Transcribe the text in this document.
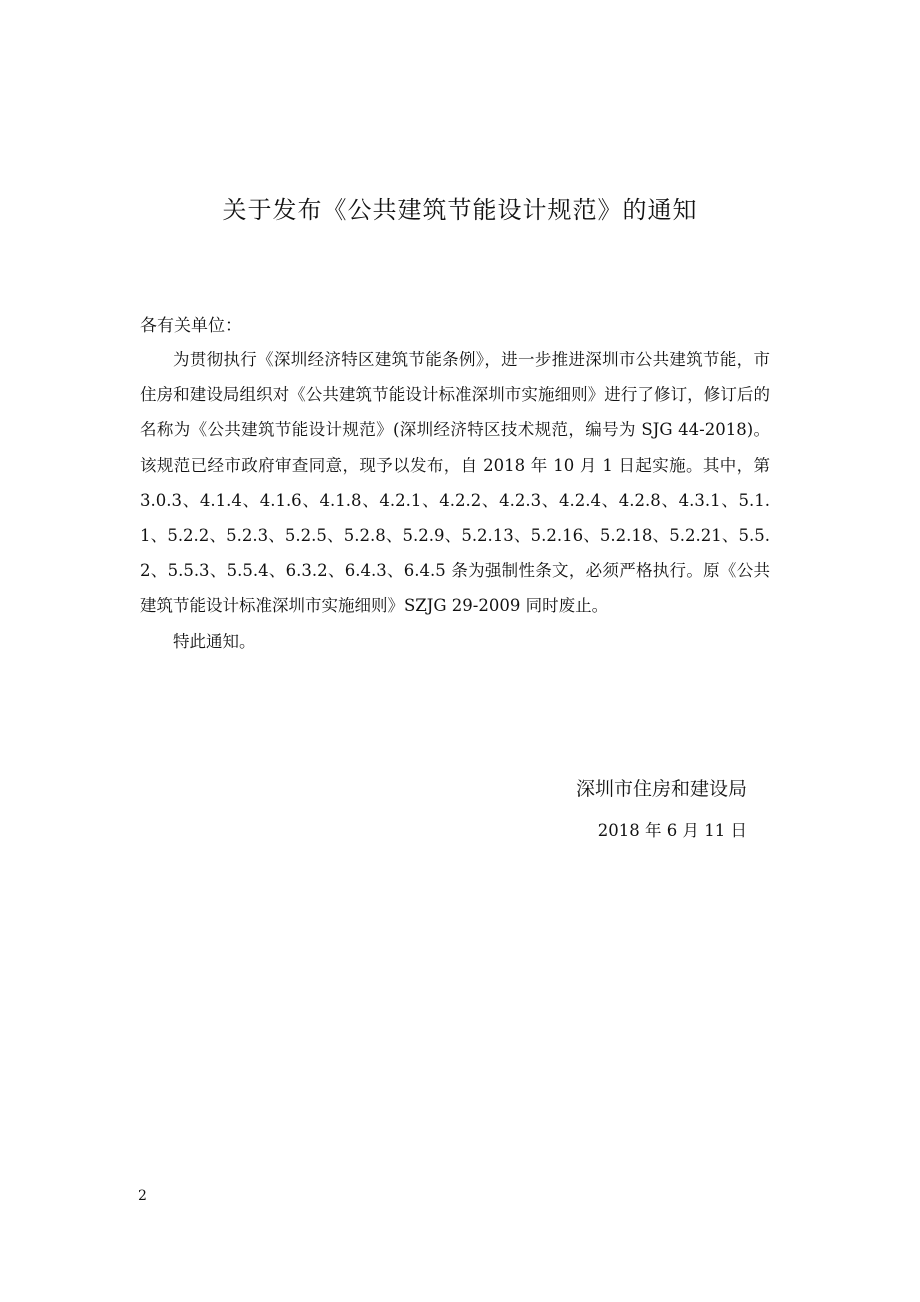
关于发布《公共建筑节能设计规范》的通知
各有关单位：

为贯彻执行《深圳经济特区建筑节能条例》，进一步推进深圳市公共建筑节能，市住房和建设局组织对《公共建筑节能设计标准深圳市实施细则》进行了修订，修订后的名称为《公共建筑节能设计规范》(深圳经济特区技术规范，编号为 SJG 44-2018)。该规范已经市政府审查同意，现予以发布，自 2018 年 10 月 1 日起实施。其中，第 3.0.3、4.1.4、4.1.6、4.1.8、4.2.1、4.2.2、4.2.3、4.2.4、4.2.8、4.3.1、5.1.1、5.2.2、5.2.3、5.2.5、5.2.8、5.2.9、5.2.13、5.2.16、5.2.18、5.2.21、5.5.2、5.5.3、5.5.4、6.3.2、6.4.3、6.4.5 条为强制性条文，必须严格执行。原《公共建筑节能设计标准深圳市实施细则》SZJG 29-2009 同时废止。

特此通知。

深圳市住房和建设局
2018 年 6 月 11 日
2
